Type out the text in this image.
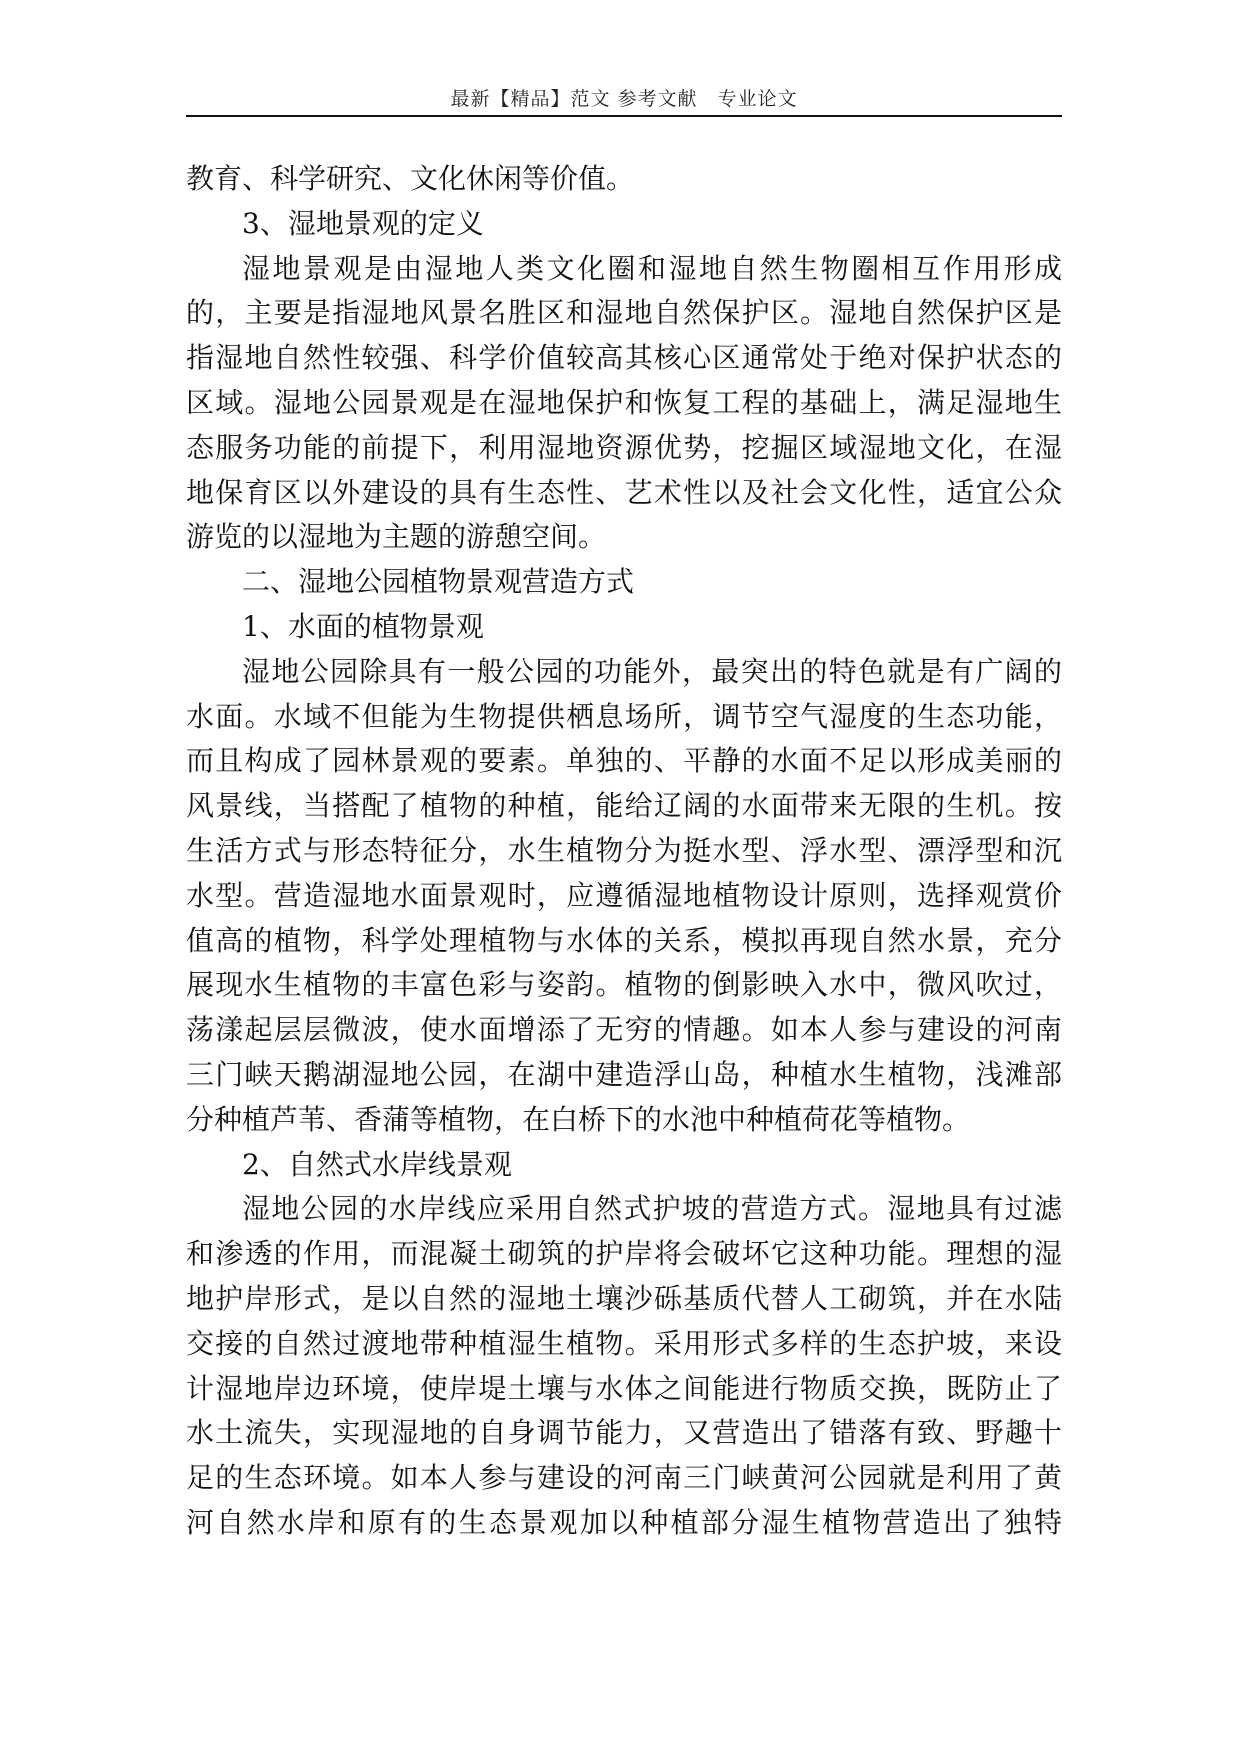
最新【精品】范文 参考文献　专业论文
教育、科学研究、文化休闲等价值。
3、湿地景观的定义
湿地景观是由湿地人类文化圈和湿地自然生物圈相互作用形成
的，主要是指湿地风景名胜区和湿地自然保护区。湿地自然保护区是
指湿地自然性较强、科学价值较高其核心区通常处于绝对保护状态的
区域。湿地公园景观是在湿地保护和恢复工程的基础上，满足湿地生
态服务功能的前提下，利用湿地资源优势，挖掘区域湿地文化，在湿
地保育区以外建设的具有生态性、艺术性以及社会文化性，适宜公众
游览的以湿地为主题的游憩空间。
二、湿地公园植物景观营造方式
1、水面的植物景观
湿地公园除具有一般公园的功能外，最突出的特色就是有广阔的
水面。水域不但能为生物提供栖息场所，调节空气湿度的生态功能，
而且构成了园林景观的要素。单独的、平静的水面不足以形成美丽的
风景线，当搭配了植物的种植，能给辽阔的水面带来无限的生机。按
生活方式与形态特征分，水生植物分为挺水型、浮水型、漂浮型和沉
水型。营造湿地水面景观时，应遵循湿地植物设计原则，选择观赏价
值高的植物，科学处理植物与水体的关系，模拟再现自然水景，充分
展现水生植物的丰富色彩与姿韵。植物的倒影映入水中，微风吹过，
荡漾起层层微波，使水面增添了无穷的情趣。如本人参与建设的河南
三门峡天鹅湖湿地公园，在湖中建造浮山岛，种植水生植物，浅滩部
分种植芦苇、香蒲等植物，在白桥下的水池中种植荷花等植物。
2、自然式水岸线景观
湿地公园的水岸线应采用自然式护坡的营造方式。湿地具有过滤
和渗透的作用，而混凝土砌筑的护岸将会破坏它这种功能。理想的湿
地护岸形式，是以自然的湿地土壤沙砾基质代替人工砌筑，并在水陆
交接的自然过渡地带种植湿生植物。采用形式多样的生态护坡，来设
计湿地岸边环境，使岸堤土壤与水体之间能进行物质交换，既防止了
水土流失，实现湿地的自身调节能力，又营造出了错落有致、野趣十
足的生态环境。如本人参与建设的河南三门峡黄河公园就是利用了黄
河自然水岸和原有的生态景观加以种植部分湿生植物营造出了独特
